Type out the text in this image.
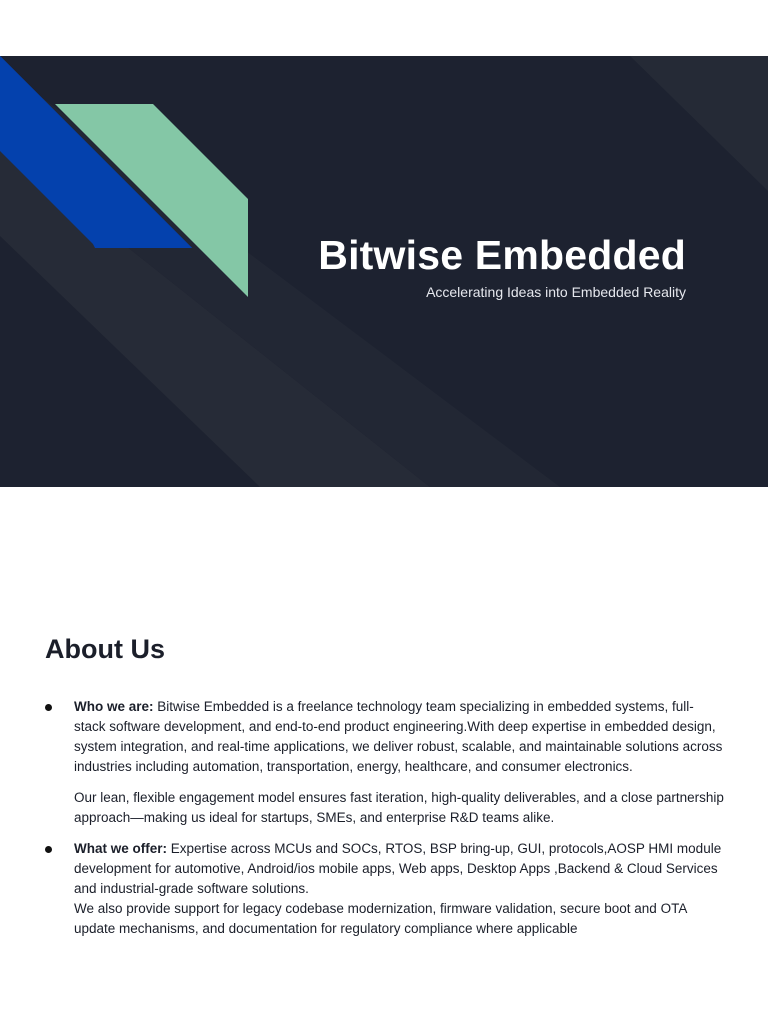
Bitwise Embedded
Accelerating Ideas into Embedded Reality
About Us

Who we are: Bitwise Embedded is a freelance technology team specializing in embedded systems, full-stack software development, and end-to-end product engineering.With deep expertise in embedded design, system integration, and real-time applications, we deliver robust, scalable, and maintainable solutions across industries including automation, transportation, energy, healthcare, and consumer electronics.

Our lean, flexible engagement model ensures fast iteration, high-quality deliverables, and a close partnership approach—making us ideal for startups, SMEs, and enterprise R&D teams alike.

What we offer: Expertise across MCUs and SOCs, RTOS, BSP bring-up, GUI, protocols,AOSP HMI module development for automotive, Android/ios mobile apps, Web apps, Desktop Apps ,Backend & Cloud Services and industrial-grade software solutions.

We also provide support for legacy codebase modernization, firmware validation, secure boot and OTA update mechanisms, and documentation for regulatory compliance where applicable
